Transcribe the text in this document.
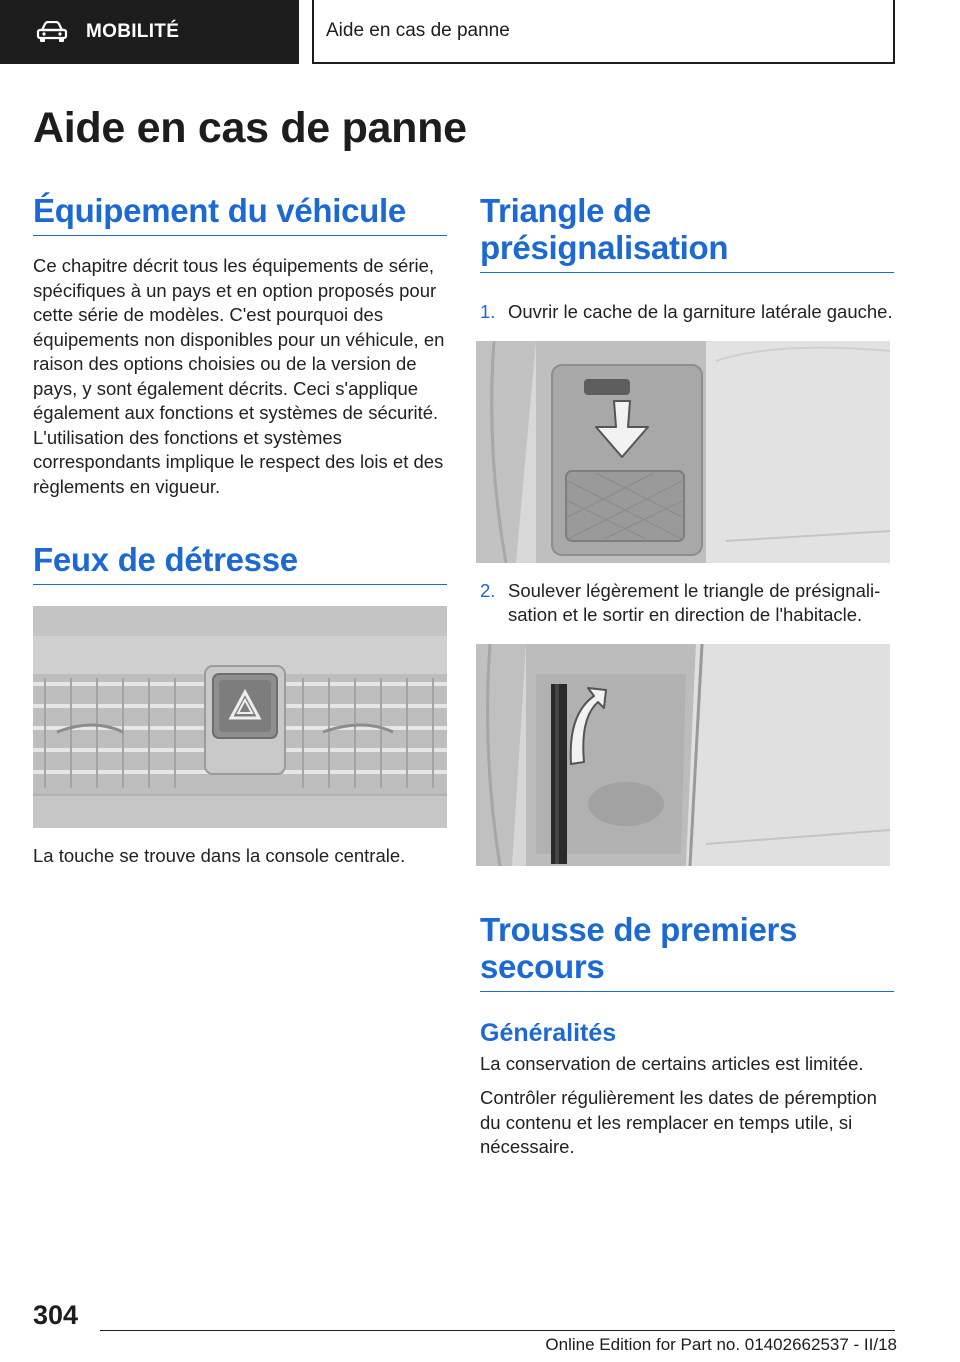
MOBILITÉ	Aide en cas de panne
Aide en cas de panne
Équipement du véhicule

Ce chapitre décrit tous les équipements de série, spécifiques à un pays et en option proposés pour cette série de modèles. C'est pourquoi des équipements non disponibles pour un véhicule, en raison des options choisies ou de la version de pays, y sont également décrits. Ceci s'applique également aux fonctions et systèmes de sécurité. L'utilisation des fonctions et systèmes correspondants implique le respect des lois et des règlements en vigueur.

Feux de détresse

La touche se trouve dans la console centrale.

Triangle de présignalisation
1. Ouvrir le cache de la garniture latérale gauche.
2. Soulever légèrement le triangle de présignalisation et le sortir en direction de l'habitacle.
Trousse de premiers secours
Généralités

La conservation de certains articles est limitée.

Contrôler régulièrement les dates de péremption du contenu et les remplacer en temps utile, si nécessaire.

304
Online Edition for Part no. 01402662537 - II/18
